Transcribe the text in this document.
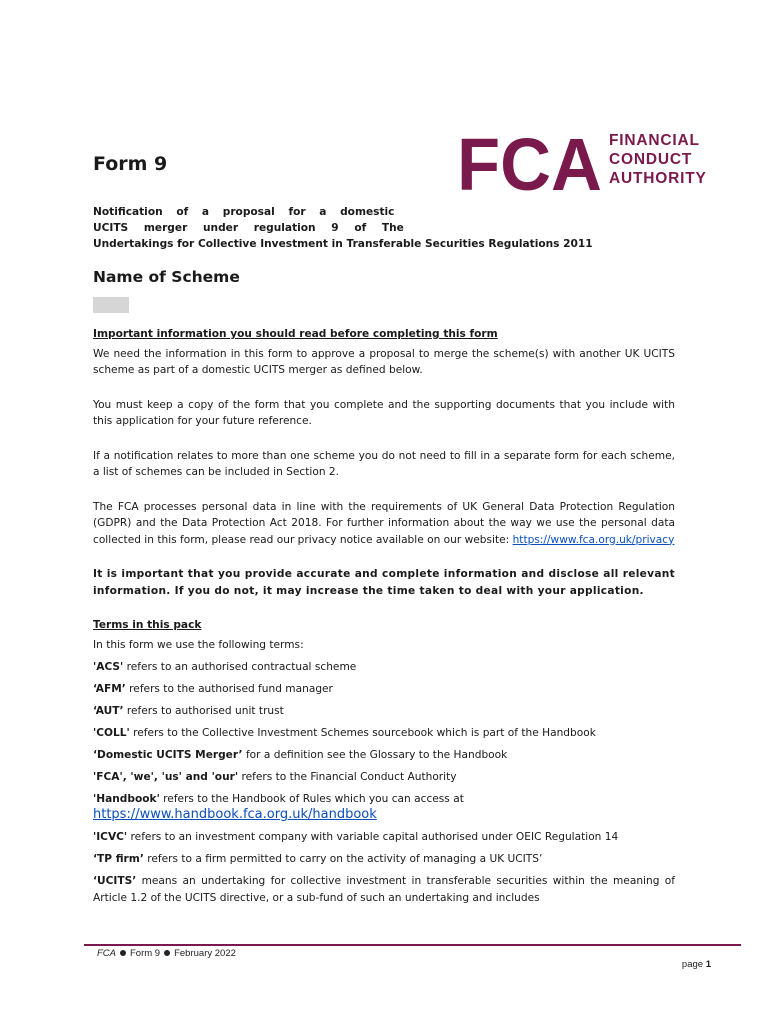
FCA FINANCIAL
CONDUCT
AUTHORITY
Form 9
Notification of a proposal for a domestic
UCITS merger under regulation 9 of The
Undertakings for Collective Investment in Transferable Securities Regulations 2011
Name of Scheme

Important information you should read before completing this form

We need the information in this form to approve a proposal to merge the scheme(s) with another UK UCITS scheme as part of a domestic UCITS merger as defined below.

You must keep a copy of the form that you complete and the supporting documents that you include with this application for your future reference.

If a notification relates to more than one scheme you do not need to fill in a separate form for each scheme, a list of schemes can be included in Section 2.

The FCA processes personal data in line with the requirements of UK General Data Protection Regulation (GDPR) and the Data Protection Act 2018. For further information about the way we use the personal data collected in this form, please read our privacy notice available on our website: https://www.fca.org.uk/privacy

It is important that you provide accurate and complete information and disclose all relevant information. If you do not, it may increase the time taken to deal with your application.

Terms in this pack

In this form we use the following terms:

'ACS' refers to an authorised contractual scheme

‘AFM’ refers to the authorised fund manager

‘AUT’ refers to authorised unit trust

'COLL' refers to the Collective Investment Schemes sourcebook which is part of the Handbook

‘Domestic UCITS Merger’ for a definition see the Glossary to the Handbook

'FCA', 'we', 'us' and 'our' refers to the Financial Conduct Authority

'Handbook' refers to the Handbook of Rules which you can access at
https://www.handbook.fca.org.uk/handbook

'ICVC' refers to an investment company with variable capital authorised under OEIC Regulation 14

‘TP firm’ refers to a firm permitted to carry on the activity of managing a UK UCITS’

‘UCITS’ means an undertaking for collective investment in transferable securities within the meaning of Article 1.2 of the UCITS directive, or a sub-fund of such an undertaking and includes

FCA Form 9 February 2022
page 1
